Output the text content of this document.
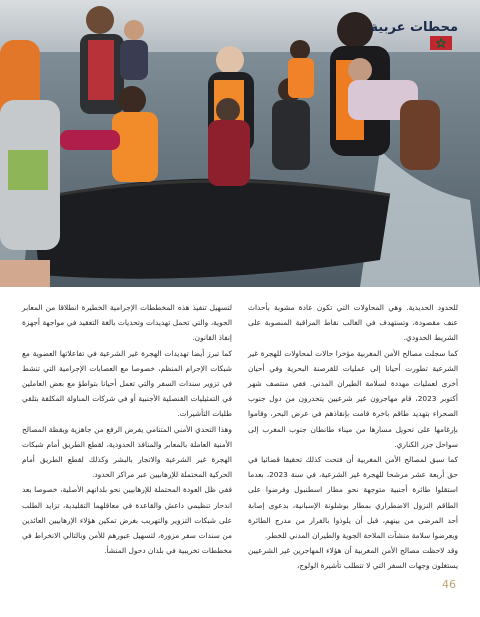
محطات عربية

للحدود الحديدية. وهي المحاولات التي تكون عادة مشوبة بأحداث عنف مقصودة، وتستهدف في الغالب نقاط المراقبة المنصوبة على الشريط الحدودي.

كما سجلت مصالح الأمن المغربية مؤخرا حالات لمحاولات للهجرة غير الشرعية تطورت أحيانا إلى عمليات للقرصنة البحرية وفي أحيان أخرى لعمليات مهددة لسلامة الطيران المدني. ففي منتصف شهر أكتوبر 2023، قام مهاجرون غير شرعيين يتحدرون من دول جنوب الصحراء بتهديد طاقم باخرة قامت بإنقاذهم في عرض البحر، وقاموا بإرغامها على تحويل مسارها من ميناء طانطان جنوب المغرب إلى سواحل جزر الكناري.

كما سبق لمصالح الأمن المغربية أن فتحت كذلك تحقيقا قضائيا في حق أربعة عشر مرشحا للهجرة غير الشرعية، في سنة 2023، بعدما استقلوا طائرة أجنبية متوجهة نحو مطار اسطنبول وفرضوا على الطاقم النزول الاضطراري بمطار بوشلونة الإسبانية، بدعوى إصابة أحد المرضى من بينهم، قبل أن يلوذوا بالفرار من مدرج الطائرة ويعرضوا سلامة منشآت الملاحة الجوية والطيران المدني للخطر.

وقد لاحظت مصالح الأمن المغربية أن هؤلاء المهاجرين غير الشرعيين يستغلون وجهات السفر التي لا تتطلب تأشيرة الولوج،

لتسهيل تنفيذ هذه المخططات الإجرامية الخطيرة انطلاقا من المعابر الجوية، والتي تحمل تهديدات وتحديات بالغة التعقيد في مواجهة أجهزة إنفاذ القانون.

كما تبرز أيضا تهديدات الهجرة غير الشرعية في تفاعلاتها العضوية مع شبكات الإجرام المنظم، خصوصا مع العصابات الإجرامية التي تنشط في تزوير سندات السفر والتي تعمل أحيانا بتواطؤ مع بعض العاملين في التمثيليات القنصلية الأجنبية أو في شركات المناولة المكلفة بتلقي طلبات التأشيرات.

وهذا التحدي الأمني المتنامي يفرض الرفع من جاهزية ويقظة المصالح الأمنية العاملة بالمعابر والمنافذ الحدودية، لقطع الطريق أمام شبكات الهجرة غير الشرعية والاتجار بالبشر وكذلك لقطع الطريق أمام الحركية المحتملة للإرهابيين عبر مراكز الحدود.

ففي ظل العودة المحتملة للإرهابيين نحو بلدانهم الأصلية، خصوصا بعد اندحار تنظيمي داعش والقاعدة في معاقلهما التقليدية، تزايد الطلب على شبكات التزوير والتهريب بغرض تمكين هؤلاء الإرهابيين العائدين من سندات سفر مزورة، لتسهيل عبورهم للأمن وبالتالي الانخراط في مخططات تخريبية في بلدان دحول المنشأ.

46
